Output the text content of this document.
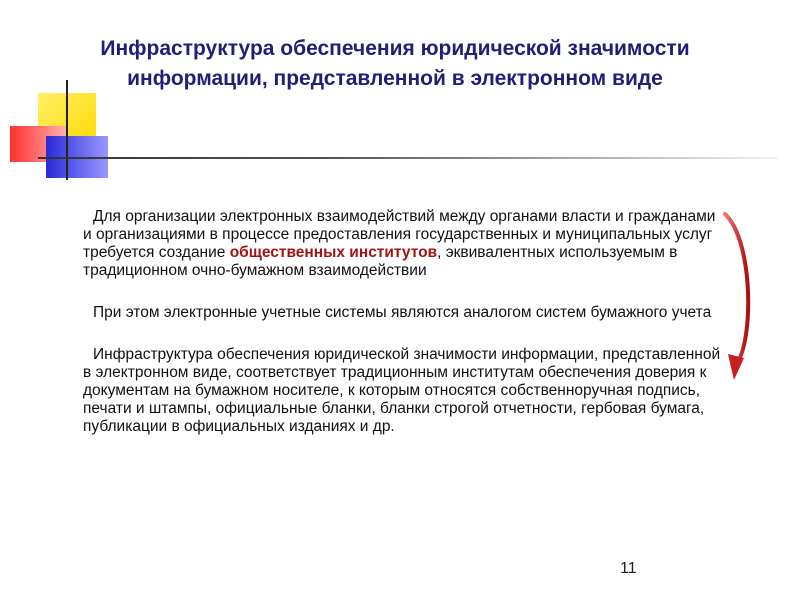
Инфраструктура обеспечения юридической значимости информации, представленной в электронном виде

Для организации электронных взаимодействий между органами власти и гражданами и организациями в процессе предоставления государственных и муниципальных услуг требуется создание общественных институтов, эквивалентных используемым в традиционном очно-бумажном взаимодействии

При этом электронные учетные системы являются аналогом систем бумажного учета

Инфраструктура обеспечения юридической значимости информации, представленной в электронном виде, соответствует традиционным институтам обеспечения доверия к документам на бумажном носителе, к которым относятся собственноручная подпись, печати и штампы, официальные бланки, бланки строгой отчетности, гербовая бумага, публикации в официальных изданиях и др.

11
